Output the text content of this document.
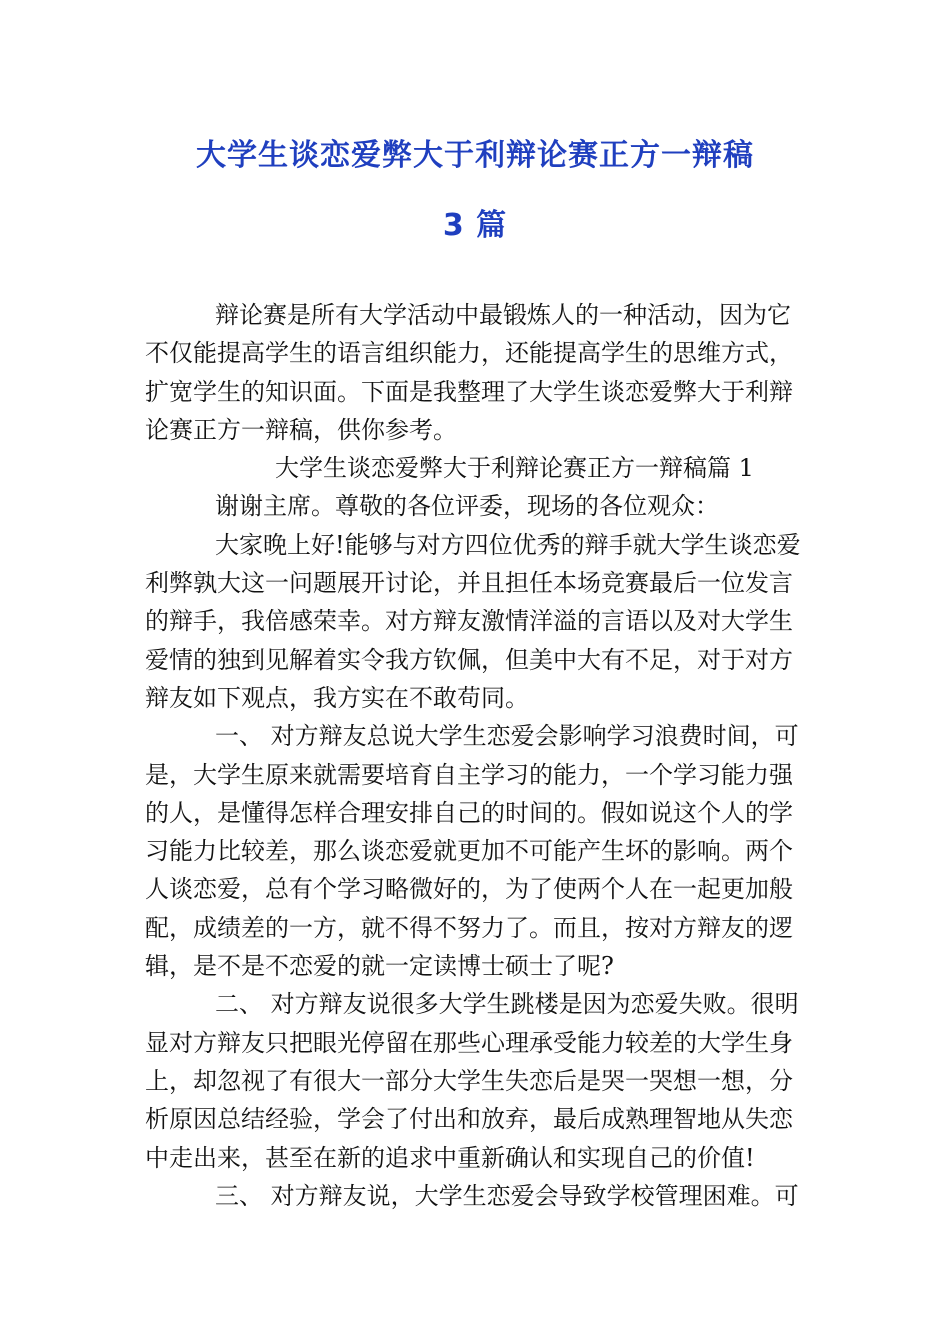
大学生谈恋爱弊大于利辩论赛正方一辩稿
3 篇
辩论赛是所有大学活动中最锻炼人的一种活动，因为它
不仅能提高学生的语言组织能力，还能提高学生的思维方式，
扩宽学生的知识面。下面是我整理了大学生谈恋爱弊大于利辩
论赛正方一辩稿，供你参考。
大学生谈恋爱弊大于利辩论赛正方一辩稿篇 1
谢谢主席。尊敬的各位评委，现场的各位观众：
大家晚上好!能够与对方四位优秀的辩手就大学生谈恋爱
利弊孰大这一问题展开讨论，并且担任本场竞赛最后一位发言
的辩手，我倍感荣幸。对方辩友激情洋溢的言语以及对大学生
爱情的独到见解着实令我方钦佩，但美中大有不足，对于对方
辩友如下观点，我方实在不敢苟同。
一、 对方辩友总说大学生恋爱会影响学习浪费时间，可
是，大学生原来就需要培育自主学习的能力，一个学习能力强
的人，是懂得怎样合理安排自己的时间的。假如说这个人的学
习能力比较差，那么谈恋爱就更加不可能产生坏的影响。两个
人谈恋爱，总有个学习略微好的，为了使两个人在一起更加般
配，成绩差的一方，就不得不努力了。而且，按对方辩友的逻
辑，是不是不恋爱的就一定读博士硕士了呢?
二、 对方辩友说很多大学生跳楼是因为恋爱失败。很明
显对方辩友只把眼光停留在那些心理承受能力较差的大学生身
上，却忽视了有很大一部分大学生失恋后是哭一哭想一想，分
析原因总结经验，学会了付出和放弃，最后成熟理智地从失恋
中走出来，甚至在新的追求中重新确认和实现自己的价值!
三、 对方辩友说，大学生恋爱会导致学校管理困难。可
